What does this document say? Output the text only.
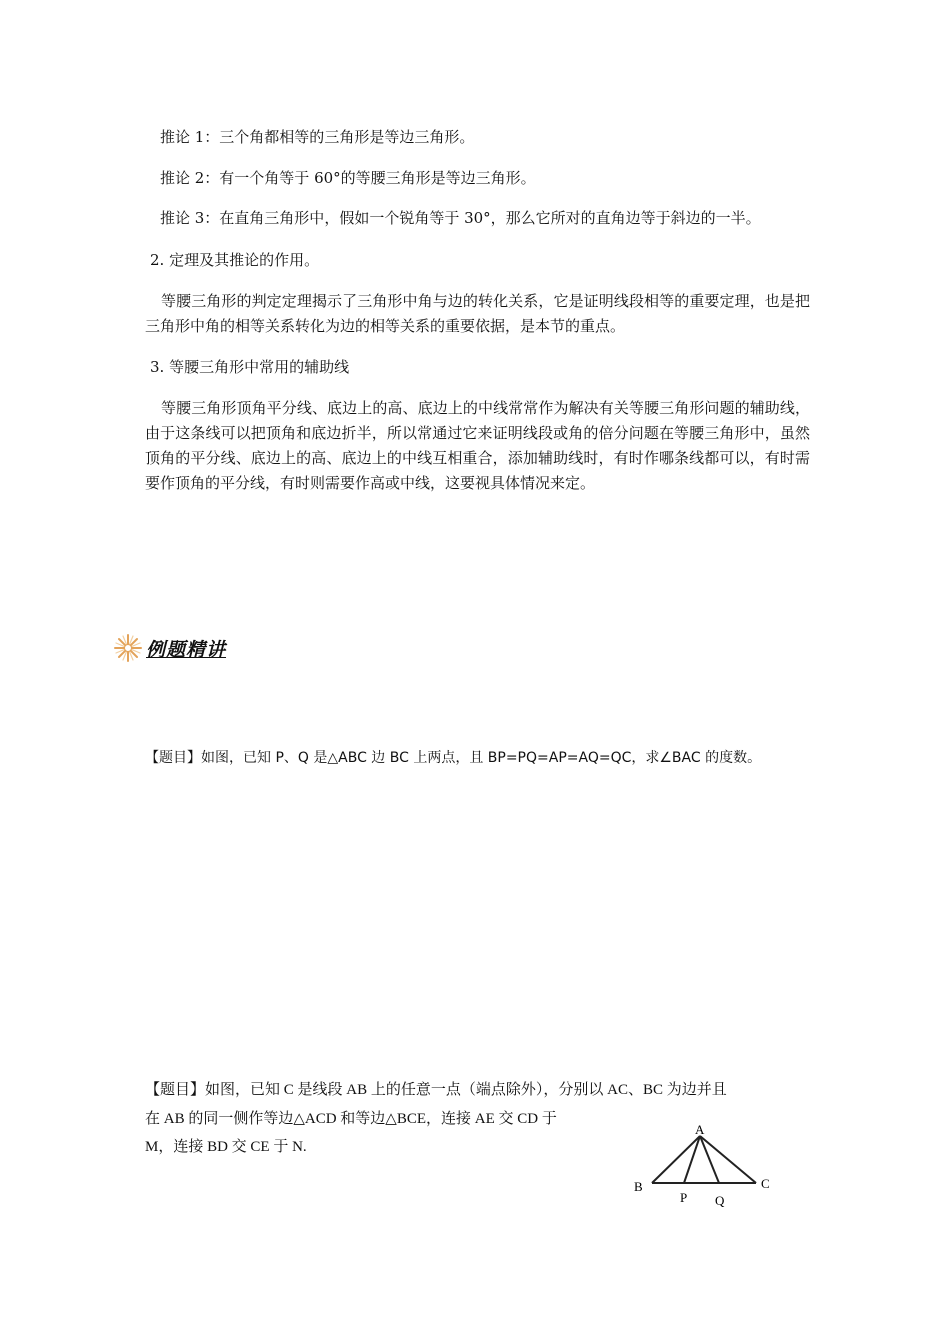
推论 1：三个角都相等的三角形是等边三角形。
推论 2：有一个角等于 60°的等腰三角形是等边三角形。
推论 3：在直角三角形中，假如一个锐角等于 30°，那么它所对的直角边等于斜边的一半。
2. 定理及其推论的作用。
等腰三角形的判定定理揭示了三角形中角与边的转化关系，它是证明线段相等的重要定理，也是把三角形中角的相等关系转化为边的相等关系的重要依据，是本节的重点。
3. 等腰三角形中常用的辅助线
等腰三角形顶角平分线、底边上的高、底边上的中线常常作为解决有关等腰三角形问题的辅助线，由于这条线可以把顶角和底边折半，所以常通过它来证明线段或角的倍分问题在等腰三角形中，虽然顶角的平分线、底边上的高、底边上的中线互相重合，添加辅助线时，有时作哪条线都可以，有时需要作顶角的平分线，有时则需要作高或中线，这要视具体情况来定。
例题精讲
【题目】如图，已知 P、Q 是△ABC 边 BC 上两点，且 BP=PQ=AP=AQ=QC，求∠BAC 的度数。
【题目】如图，已知 C 是线段 AB 上的任意一点（端点除外），分别以 AC、BC 为边并且
在 AB 的同一侧作等边△ACD 和等边△BCE，连接 AE 交 CD 于
M，连接 BD 交 CE 于 N.
A
B	C
P Q
